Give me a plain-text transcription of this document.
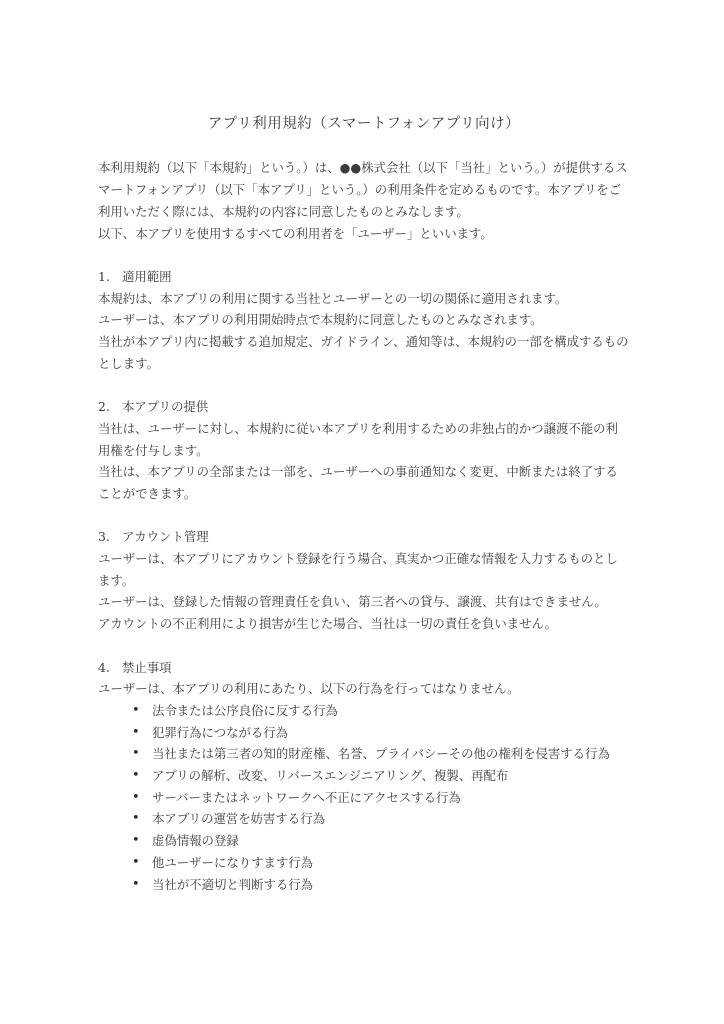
アプリ利用規約（スマートフォンアプリ向け）

本利用規約（以下「本規約」という。）は、●●株式会社（以下「当社」という。）が提供するスマートフォンアプリ（以下「本アプリ」という。）の利用条件を定めるものです。本アプリをご利用いただく際には、本規約の内容に同意したものとみなします。

以下、本アプリを使用するすべての利用者を「ユーザー」といいます。

1. 適用範囲

本規約は、本アプリの利用に関する当社とユーザーとの一切の関係に適用されます。

ユーザーは、本アプリの利用開始時点で本規約に同意したものとみなされます。

当社が本アプリ内に掲載する追加規定、ガイドライン、通知等は、本規約の一部を構成するものとします。

2. 本アプリの提供

当社は、ユーザーに対し、本規約に従い本アプリを利用するための非独占的かつ譲渡不能の利用権を付与します。

当社は、本アプリの全部または一部を、ユーザーへの事前通知なく変更、中断または終了することができます。

3. アカウント管理

ユーザーは、本アプリにアカウント登録を行う場合、真実かつ正確な情報を入力するものとします。

ユーザーは、登録した情報の管理責任を負い、第三者への貸与、譲渡、共有はできません。

アカウントの不正利用により損害が生じた場合、当社は一切の責任を負いません。

4. 禁止事項

ユーザーは、本アプリの利用にあたり、以下の行為を行ってはなりません。

• 法令または公序良俗に反する行為
• 犯罪行為につながる行為
• 当社または第三者の知的財産権、名誉、プライバシーその他の権利を侵害する行為
• アプリの解析、改変、リバースエンジニアリング、複製、再配布
• サーバーまたはネットワークへ不正にアクセスする行為
• 本アプリの運営を妨害する行為
• 虚偽情報の登録
• 他ユーザーになりすます行為
• 当社が不適切と判断する行為
